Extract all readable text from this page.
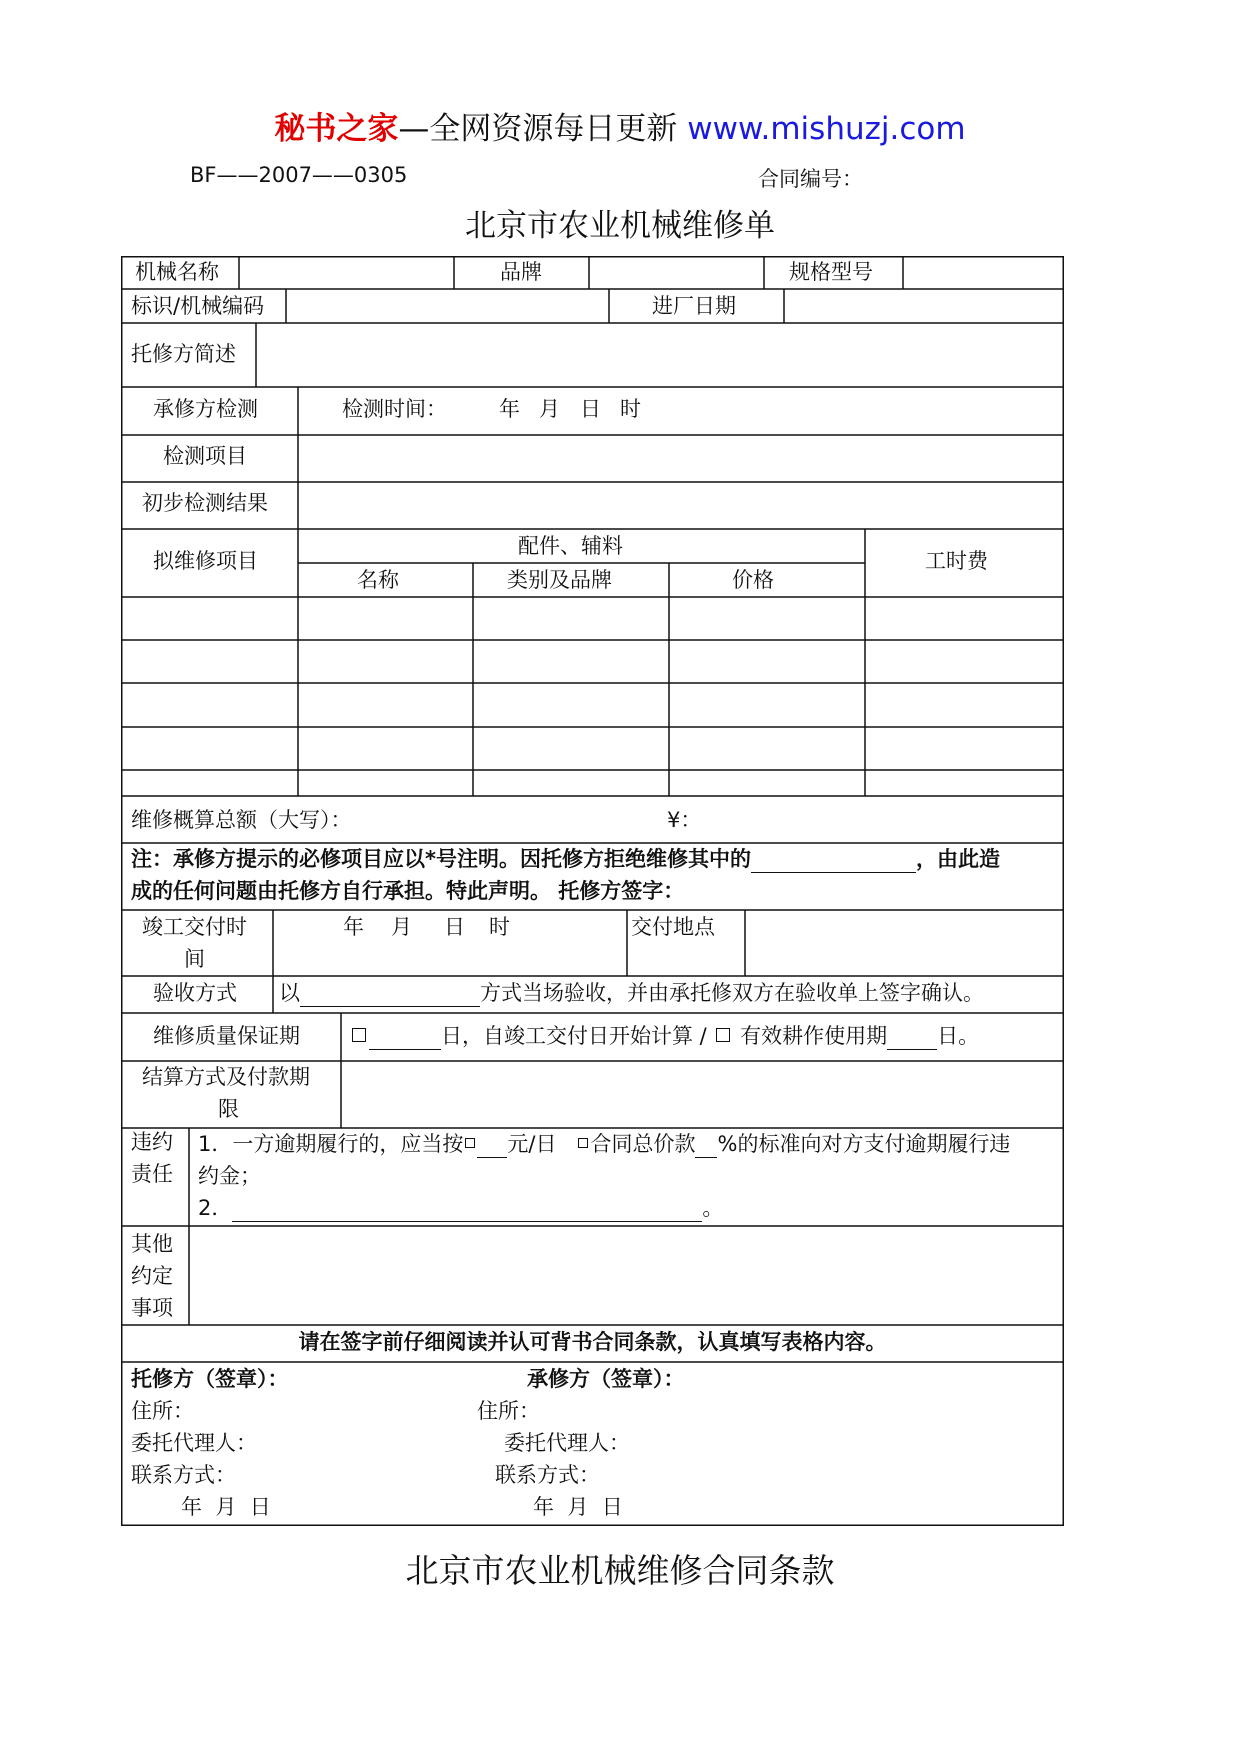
秘书之家—全网资源每日更新 www.mishuzj.com
BF——2007——0305	合同编号：
北京市农业机械维修单
机械名称	品牌	规格型号
标识/机械编码	进厂日期
托修方简述
承修方检测	检测时间： 年 月 日 时
检测项目
初步检测结果
拟维修项目
配件、辅料
名称	类别及品牌	价格
工时费
维修概算总额（大写）：	¥：
注：承修方提示的必修项目应以*号注明。因托修方拒绝维修其中的	，由此造
成的任何问题由托修方自行承担。特此声明。 托修方签字：
竣工交付时
间
年 月 日 时	交付地点
验收方式 以	方式当场验收，并由承托修双方在验收单上签字确认。
维修质量保证期	日，自竣工交付日开始计算 / 有效耕作使用期 日。
结算方式及付款期
限
违约
责任
1．一方逾期履行的，应当按 元/日 合同总价款 %的标准向对方支付逾期履行违
约金；
2．	。
其他
约定
事项
请在签字前仔细阅读并认可背书合同条款，认真填写表格内容。
托修方（签章）：	承修方（签章）：
住所：	住所：
委托代理人：	委托代理人：
联系方式：	联系方式：
年  月  日	年  月  日
北京市农业机械维修合同条款
